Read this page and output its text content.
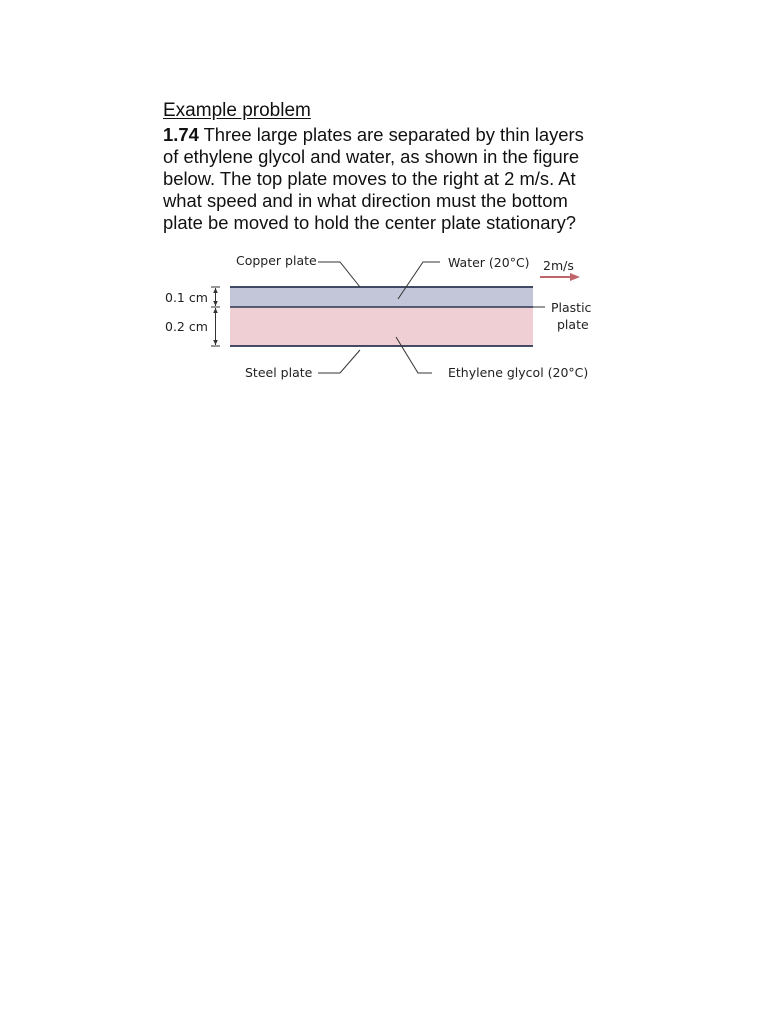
Example problem

1.74 Three large plates are separated by thin layers
of ethylene glycol and water, as shown in the figure
below. The top plate moves to the right at 2 m/s. At
what speed and in what direction must the bottom
plate be moved to hold the center plate stationary?

Copper plate	Water (20°C) 2m/s
Plastic
plate
Steel plate	Ethylene glycol (20°C)
0.1 cm
0.2 cm
